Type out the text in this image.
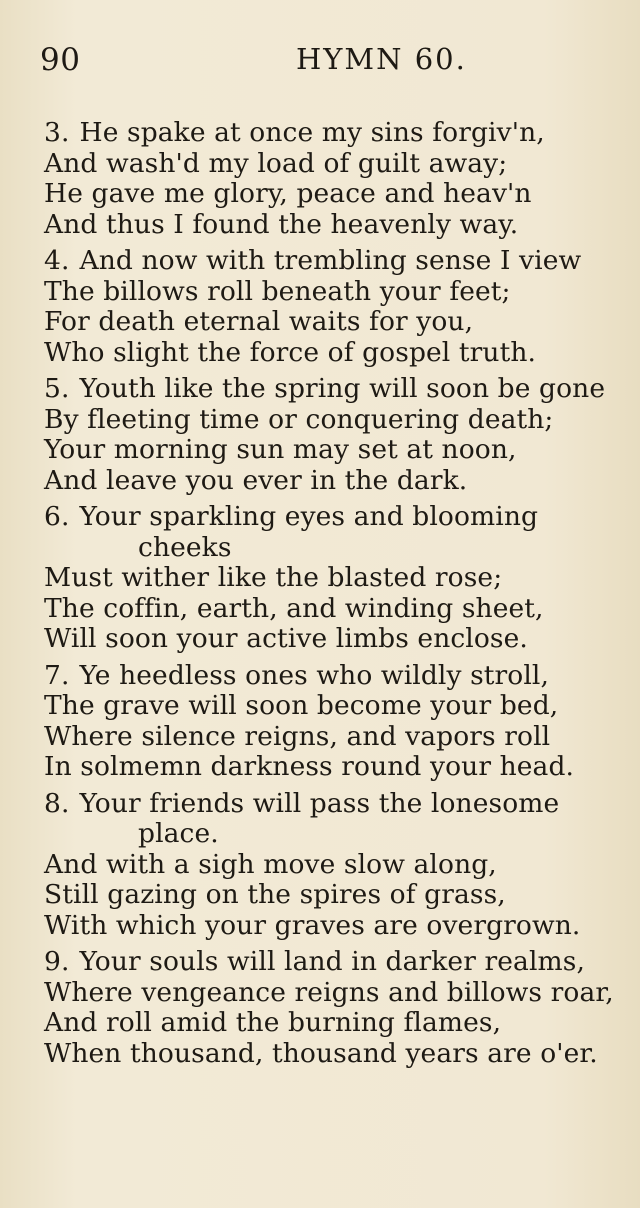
90	HYMN 60.
3. He spake at once my sins forgiv'n,
And wash'd my load of guilt away;
He gave me glory, peace and heav'n
And thus I found the heavenly way.
4. And now with trembling sense I view
The billows roll beneath your feet;
For death eternal waits for you,
Who slight the force of gospel truth.
5. Youth like the spring will soon be gone
By fleeting time or conquering death;
Your morning sun may set at noon,
And leave you ever in the dark.
6. Your sparkling eyes and blooming
cheeks
Must wither like the blasted rose;
The coffin, earth, and winding sheet,
Will soon your active limbs enclose.
7. Ye heedless ones who wildly stroll,
The grave will soon become your bed,
Where silence reigns, and vapors roll
In solmemn darkness round your head.
8. Your friends will pass the lonesome
place.
And with a sigh move slow along,
Still gazing on the spires of grass,
With which your graves are overgrown.
9. Your souls will land in darker realms,
Where vengeance reigns and billows roar,
And roll amid the burning flames,
When thousand, thousand years are o'er.
